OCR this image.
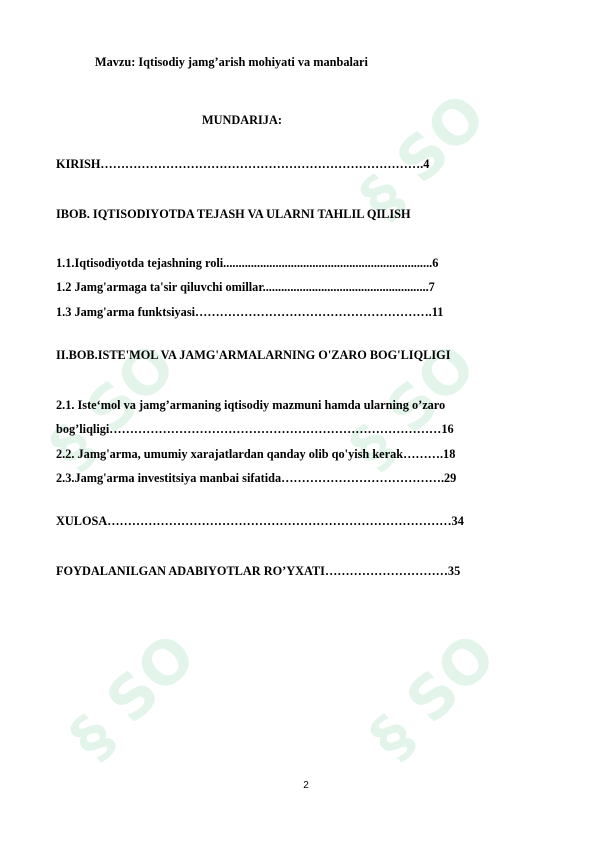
§ SOFT
§ SOFT
§ SOFT
§ SOFT
§ SOFT
Mavzu: Iqtisodiy jamg’arish mohiyati va manbalari
MUNDARIJA:
KIRISH…………………………………………………………………….4
IBOB. IQTISODIYOTDA TEJASH VA ULARNI TAHLIL QILISH
1.1.Iqtisodiyotda tejashning roli....................................................................6
1.2 Jamg'armaga ta'sir qiluvchi omillar......................................................7
1.3 Jamg'arma funktsiyasi………………………………………………….11
II.BOB.ISTE'MOL VA JAMG'ARMALARNING O'ZARO BOG'LIQLIGI
2.1. Iste‘mol va jamg’armaning iqtisodiy mazmuni hamda ularning o’zaro
bog’liqligi………………………………………………………………………16
2.2. Jamg'arma, umumiy xarajatlardan qanday olib qo'yish kerak……….18
2.3.Jamg'arma investitsiya manbai sifatida………………………………….29
XULOSA…………………………………………………………………………34
FOYDALANILGAN ADABIYOTLAR RO’YXATI…………………………35
2
